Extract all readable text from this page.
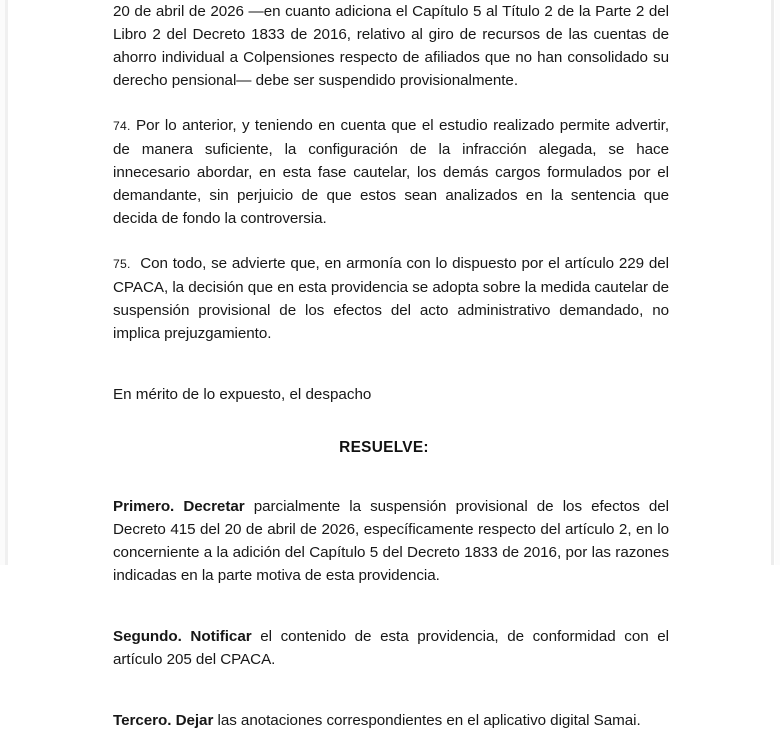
20 de abril de 2026 —en cuanto adiciona el Capítulo 5 al Título 2 de la Parte 2 del Libro 2 del Decreto 1833 de 2016, relativo al giro de recursos de las cuentas de ahorro individual a Colpensiones respecto de afiliados que no han consolidado su derecho pensional— debe ser suspendido provisionalmente.

74. Por lo anterior, y teniendo en cuenta que el estudio realizado permite advertir, de manera suficiente, la configuración de la infracción alegada, se hace innecesario abordar, en esta fase cautelar, los demás cargos formulados por el demandante, sin perjuicio de que estos sean analizados en la sentencia que decida de fondo la controversia.

75. Con todo, se advierte que, en armonía con lo dispuesto por el artículo 229 del CPACA, la decisión que en esta providencia se adopta sobre la medida cautelar de suspensión provisional de los efectos del acto administrativo demandado, no implica prejuzgamiento.

En mérito de lo expuesto, el despacho

RESUELVE:

Primero. Decretar parcialmente la suspensión provisional de los efectos del Decreto 415 del 20 de abril de 2026, específicamente respecto del artículo 2, en lo concerniente a la adición del Capítulo 5 del Decreto 1833 de 2016, por las razones indicadas en la parte motiva de esta providencia.

Segundo. Notificar el contenido de esta providencia, de conformidad con el artículo 205 del CPACA.

Tercero. Dejar las anotaciones correspondientes en el aplicativo digital Samai.
